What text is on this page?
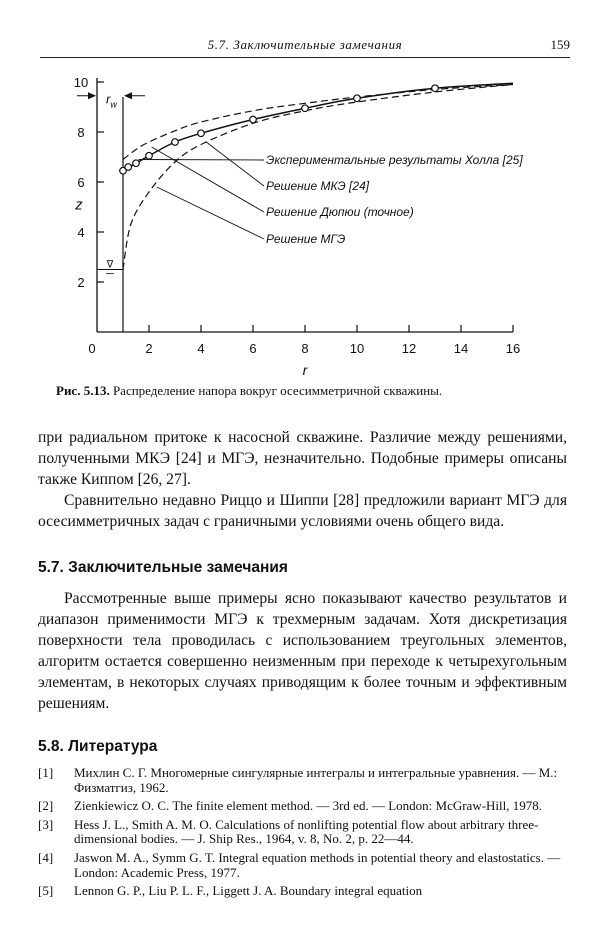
5.7. Заключительные замечания	159
0	2	4	6	8	10	12	14	16
10
8
6
4
2
r
z
$r_w$
∇
Экспериментальные результаты Холла [25]
Решение МКЭ [24]
Решение Дюпюи (точное)
Решение МГЭ
Рис. 5.13. Распределение напора вокруг осесимметричной скважины.

при радиальном притоке к насосной скважине. Различие между решениями, полученными МКЭ [24] и МГЭ, незначительно. Подобные примеры описаны также Киппом [26, 27].

Сравнительно недавно Риццо и Шиппи [28] предложили вариант МГЭ для осесимметричных задач с граничными условиями очень общего вида.

5.7. Заключительные замечания

Рассмотренные выше примеры ясно показывают качество результатов и диапазон применимости МГЭ к трехмерным задачам. Хотя дискретизация поверхности тела проводилась с использованием треугольных элементов, алгоритм остается совершенно неизменным при переходе к четырехугольным элементам, в некоторых случаях приводящим к более точным и эффективным решениям.

5.8. Литература
[1] Михлин С. Г. Многомерные сингулярные интегралы и интегральные уравнения. — М.: Физматгиз, 1962.
[2] Zienkiewicz O. C. The finite element method. — 3rd ed. — London: McGraw-Hill, 1978.
[3] Hess J. L., Smith A. M. O. Calculations of nonlifting potential flow about arbitrary three-dimensional bodies. — J. Ship Res., 1964, v. 8, No. 2, p. 22—44.
[4] Jaswon M. A., Symm G. T. Integral equation methods in potential theory and elastostatics. — London: Academic Press, 1977.
[5] Lennon G. P., Liu P. L. F., Liggett J. A. Boundary integral equation
